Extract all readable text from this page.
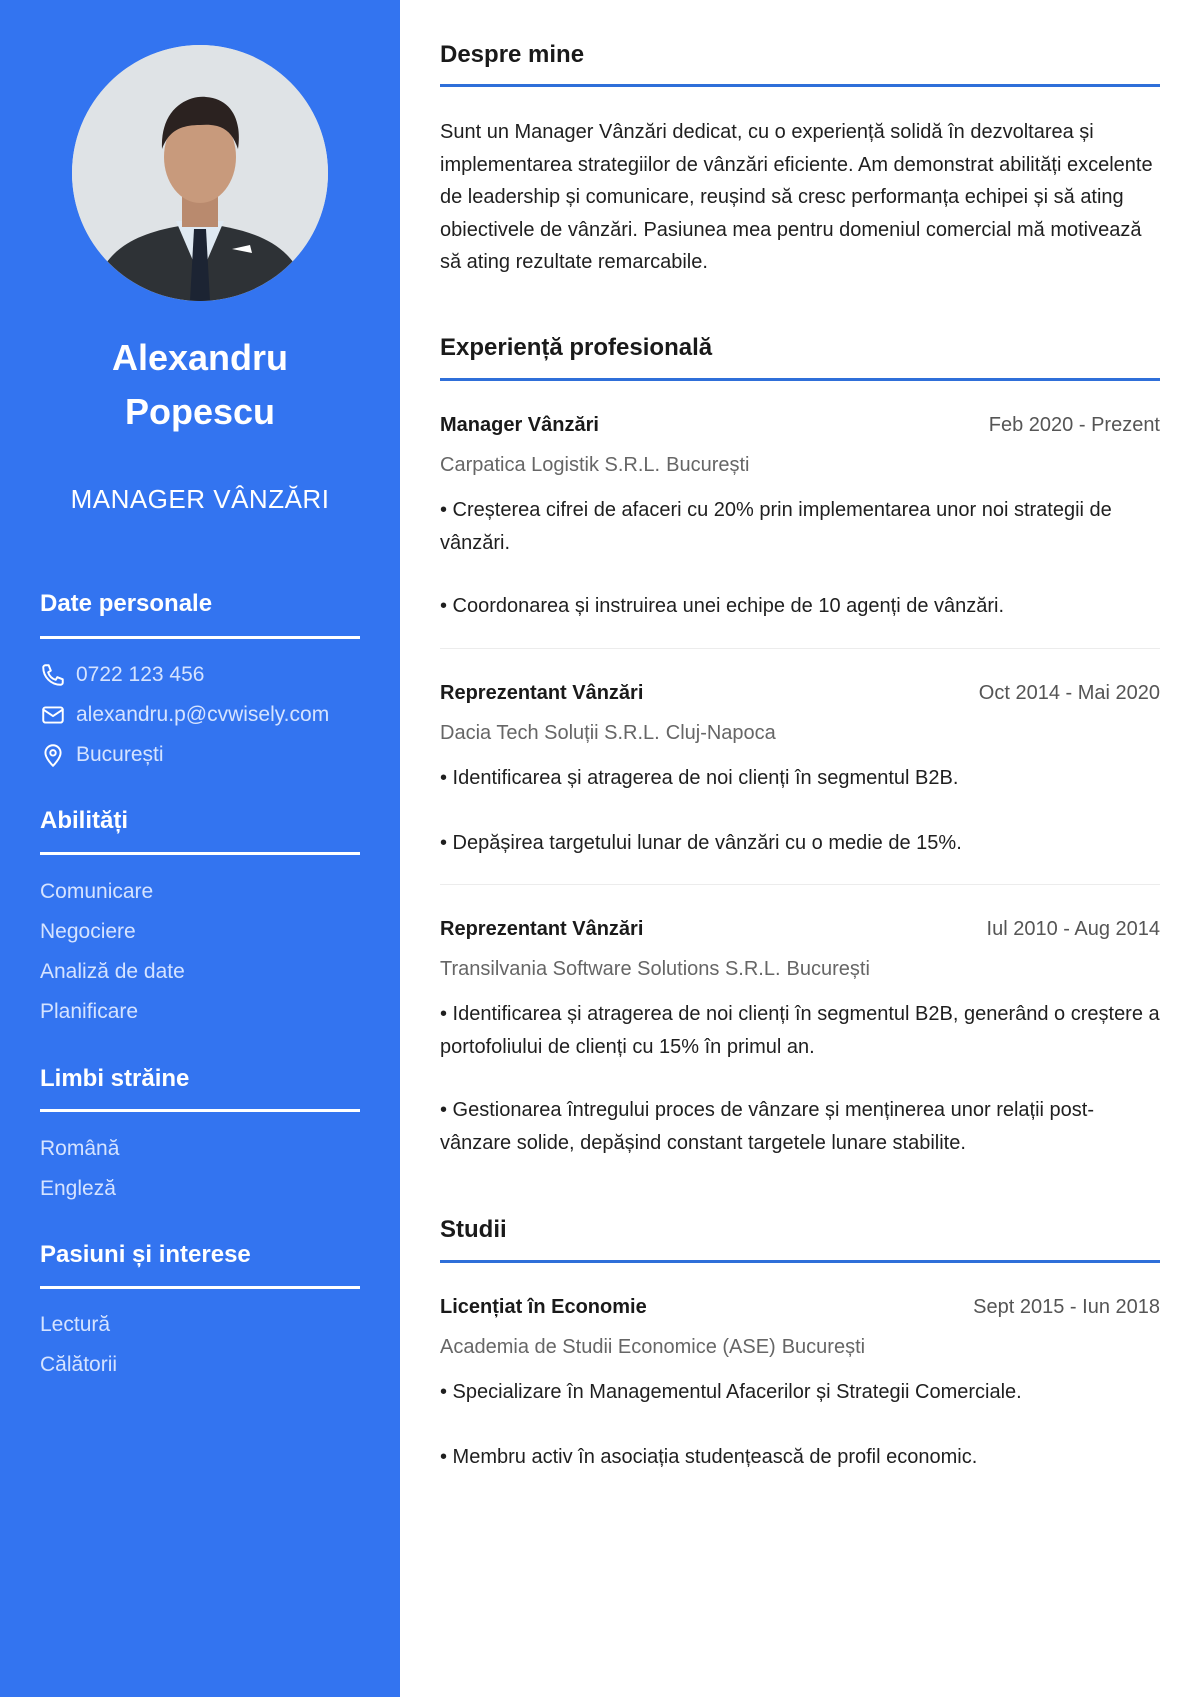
Alexandru
Popescu
MANAGER VÂNZĂRI
Date personale
0722 123 456
alexandru.p@cvwisely.com
București
Abilități
Comunicare
Negociere
Analiză de date
Planificare
Limbi străine
Română
Engleză
Pasiuni și interese
Lectură
Călătorii
Despre mine
Sunt un Manager Vânzări dedicat, cu o experiență solidă în dezvoltarea și implementarea strategiilor de vânzări eficiente. Am demonstrat abilități excelente de leadership și comunicare, reușind să cresc performanța echipei și să ating obiectivele de vânzări. Pasiunea mea pentru domeniul comercial mă motivează să ating rezultate remarcabile.
Experiență profesională
Manager Vânzări	Feb 2020 - Prezent
Carpatica Logistik S.R.L. București
• Creșterea cifrei de afaceri cu 20% prin implementarea unor noi strategii de vânzări.
• Coordonarea și instruirea unei echipe de 10 agenți de vânzări.
Reprezentant Vânzări	Oct 2014 - Mai 2020
Dacia Tech Soluții S.R.L. Cluj-Napoca
• Identificarea și atragerea de noi clienți în segmentul B2B.
• Depășirea targetului lunar de vânzări cu o medie de 15%.
Reprezentant Vânzări	Iul 2010 - Aug 2014
Transilvania Software Solutions S.R.L. București
• Identificarea și atragerea de noi clienți în segmentul B2B, generând o creștere a portofoliului de clienți cu 15% în primul an.
• Gestionarea întregului proces de vânzare și menținerea unor relații post-vânzare solide, depășind constant targetele lunare stabilite.
Studii
Licențiat în Economie	Sept 2015 - Iun 2018
Academia de Studii Economice (ASE) București
• Specializare în Managementul Afacerilor și Strategii Comerciale.
• Membru activ în asociația studențească de profil economic.
